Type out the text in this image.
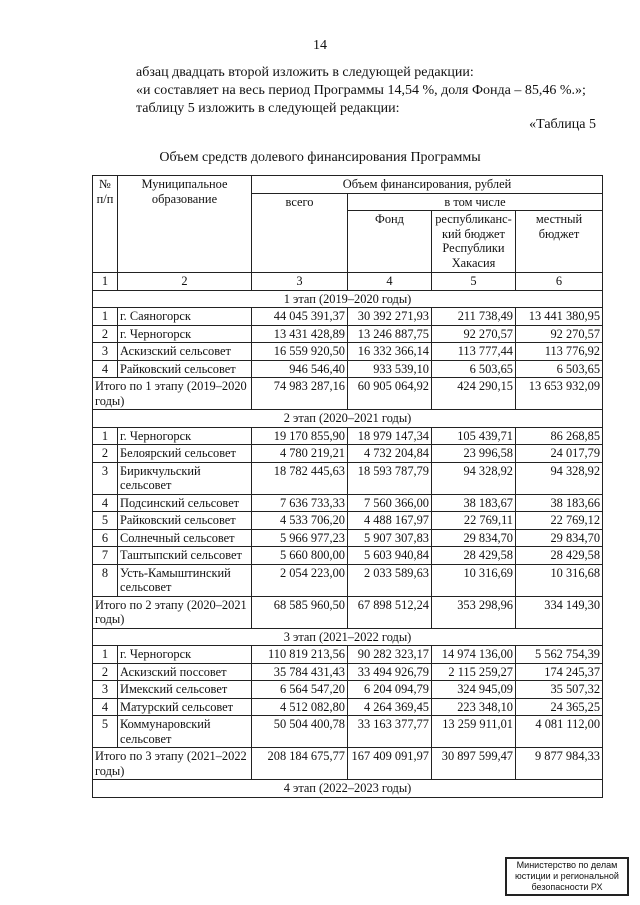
14
абзац двадцать второй изложить в следующей редакции:
«и составляет на весь период Программы 14,54 %, доля Фонда – 85,46 %.»;
таблицу 5 изложить в следующей редакции:
«Таблица 5
Объем средств долевого финансирования Программы
№ п/п	Муниципальное образование	Объем финансирования, рублей			
		всего	в том числе		
			Фонд	республиканс-кий бюджет Республики Хакасия	местный бюджет
1	2	3	4	5	6
1 этап (2019–2020 годы)					
1	г. Саяногорск	44 045 391,37	30 392 271,93	211 738,49	13 441 380,95
2	г. Черногорск	13 431 428,89	13 246 887,75	92 270,57	92 270,57
3	Аскизский сельсовет	16 559 920,50	16 332 366,14	113 777,44	113 776,92
4	Райковский сельсовет	946 546,40	933 539,10	6 503,65	6 503,65
Итого по 1 этапу (2019–2020 годы)		74 983 287,16	60 905 064,92	424 290,15	13 653 932,09
2 этап (2020–2021 годы)					
1	г. Черногорск	19 170 855,90	18 979 147,34	105 439,71	86 268,85
2	Белоярский сельсовет	4 780 219,21	4 732 204,84	23 996,58	24 017,79
3	Бирикчульский сельсовет	18 782 445,63	18 593 787,79	94 328,92	94 328,92
4	Подсинский сельсовет	7 636 733,33	7 560 366,00	38 183,67	38 183,66
5	Райковский сельсовет	4 533 706,20	4 488 167,97	22 769,11	22 769,12
6	Солнечный сельсовет	5 966 977,23	5 907 307,83	29 834,70	29 834,70
7	Таштыпский сельсовет	5 660 800,00	5 603 940,84	28 429,58	28 429,58
8	Усть-Камыштинский сельсовет	2 054 223,00	2 033 589,63	10 316,69	10 316,68
Итого по 2 этапу (2020–2021 годы)		68 585 960,50	67 898 512,24	353 298,96	334 149,30
3 этап (2021–2022 годы)					
1	г. Черногорск	110 819 213,56	90 282 323,17	14 974 136,00	5 562 754,39
2	Аскизский поссовет	35 784 431,43	33 494 926,79	2 115 259,27	174 245,37
3	Имекский сельсовет	6 564 547,20	6 204 094,79	324 945,09	35 507,32
4	Матурский сельсовет	4 512 082,80	4 264 369,45	223 348,10	24 365,25
5	Коммунаровский сельсовет	50 504 400,78	33 163 377,77	13 259 911,01	4 081 112,00
Итого по 3 этапу (2021–2022 годы)		208 184 675,77	167 409 091,97	30 897 599,47	9 877 984,33
4 этап (2022–2023 годы)					
Министерство по делам
юстиции и региональной
безопасности РХ
